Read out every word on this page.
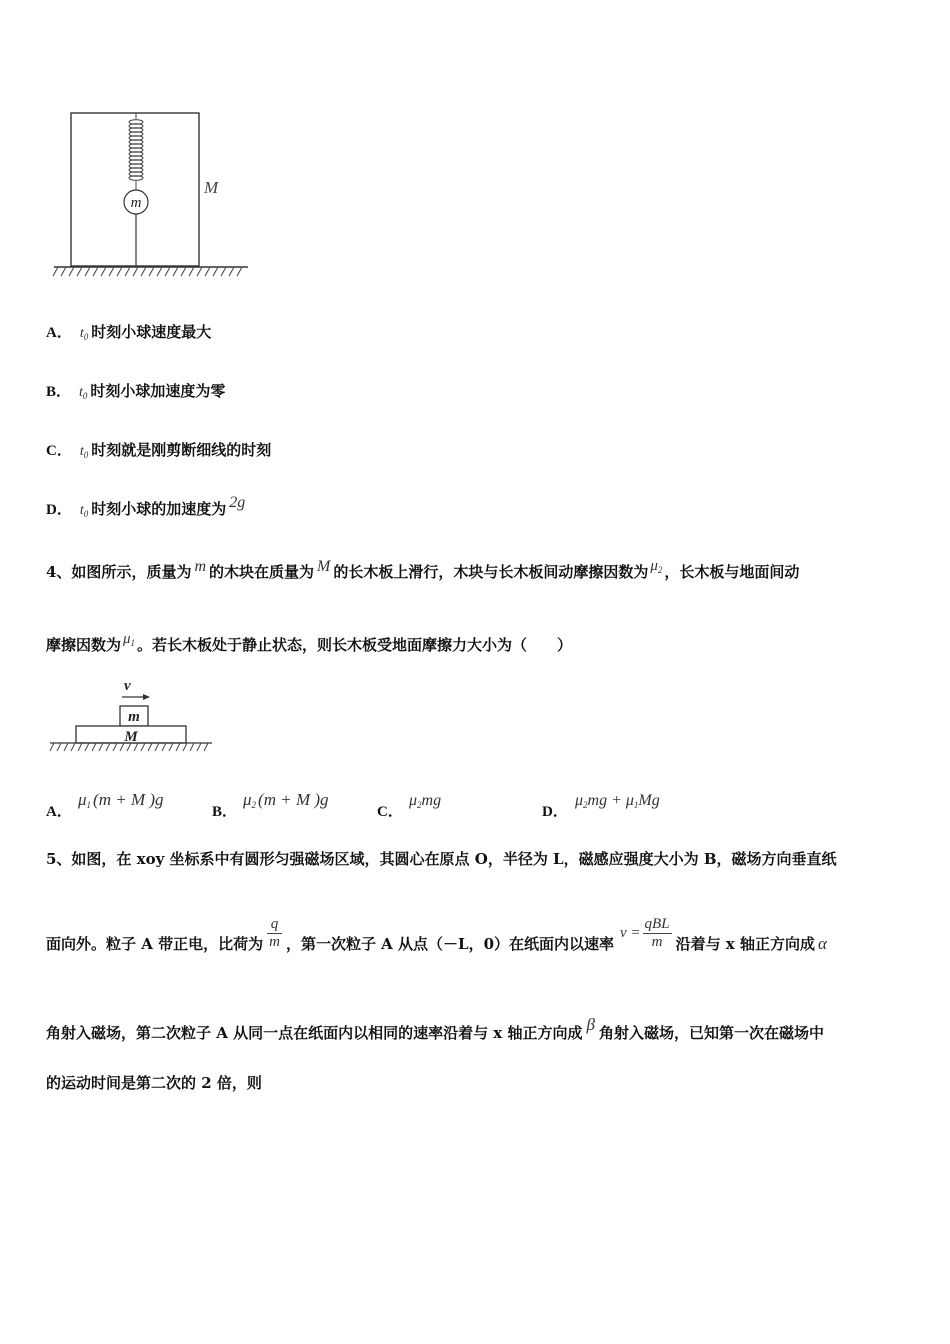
m
M
A． $t_0$ 时刻小球速度最大
B． $t_0$ 时刻小球加速度为零
C． $t_0$ 时刻就是刚剪断细线的时刻
D． $t_0$ 时刻小球的加速度为 2g
4、如图所示，质量为 m 的木块在质量为 M 的长木板上滑行，木块与长木板间动摩擦因数为 $\mu_2$ ，长木板与地面间动
摩擦因数为 $\mu_1$ 。若长木板处于静止状态，则长木板受地面摩擦力大小为（　　）
v
m
M
A．
$\mu_1$ (m + M )g
B．
$\mu_2$ (m + M )g
C．
$\mu_2mg$
D．
$\mu_2mg + \mu_1Mg$
5、如图，在 xoy 坐标系中有圆形匀强磁场区域，其圆心在原点 O，半径为 L，磁感应强度大小为 B，磁场方向垂直纸
面向外。粒子 A 带正电，比荷为 $\frac{q}{m}$ ，第一次粒子 A 从点（－L，0）在纸面内以速率
$v = \frac{\text{qBL}}{m}$ 沿着与 x 轴正方向成 α
角射入磁场，第二次粒子 A 从同一点在纸面内以相同的速率沿着与 x 轴正方向成 β 角射入磁场，已知第一次在磁场中
的运动时间是第二次的 2 倍，则
